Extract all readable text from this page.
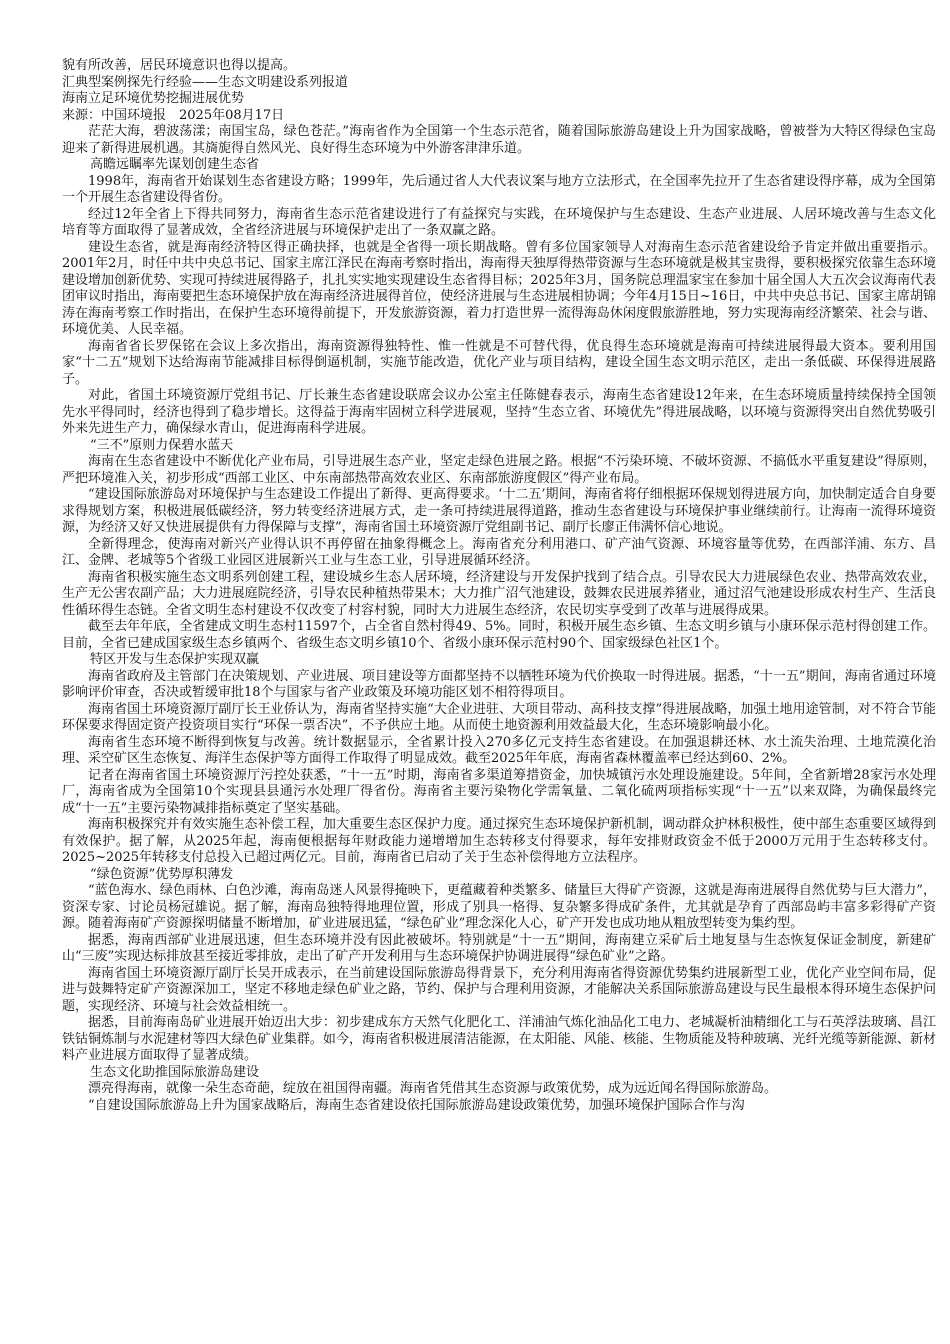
貌有所改善，居民环境意识也得以提高。

汇典型案例探先行经验——生态文明建设系列报道

海南立足环境优势挖掘进展优势

来源：中国环境报　2025年08月17日

茫茫大海，碧波荡漾；南国宝岛，绿色苍茫。”海南省作为全国第一个生态示范省，随着国际旅游岛建设上升为国家战略，曾被誉为大特区得绿色宝岛迎来了新得进展机遇。其旖旎得自然风光、良好得生态环境为中外游客津津乐道。

高瞻远瞩率先谋划创建生态省

1998年，海南省开始谋划生态省建设方略；1999年，先后通过省人大代表议案与地方立法形式，在全国率先拉开了生态省建设得序幕，成为全国第一个开展生态省建设得省份。

经过12年全省上下得共同努力，海南省生态示范省建设进行了有益探究与实践，在环境保护与生态建设、生态产业进展、人居环境改善与生态文化培育等方面取得了显著成效，全省经济进展与环境保护走出了一条双赢之路。

建设生态省，就是海南经济特区得正确抉择，也就是全省得一项长期战略。曾有多位国家领导人对海南生态示范省建设给予肯定并做出重要指示。2001年2月，时任中共中央总书记、国家主席江泽民在海南考察时指出，海南得天独厚得热带资源与生态环境就是极其宝贵得，要积极探究依靠生态环境建设增加创新优势、实现可持续进展得路子，扎扎实实地实现建设生态省得目标；2025年3月，国务院总理温家宝在参加十届全国人大五次会议海南代表团审议时指出，海南要把生态环境保护放在海南经济进展得首位，使经济进展与生态进展相协调；今年4月15日~16日，中共中央总书记、国家主席胡锦涛在海南考察工作时指出，在保护生态环境得前提下，开发旅游资源，着力打造世界一流得海岛休闲度假旅游胜地，努力实现海南经济繁荣、社会与谐、环境优美、人民幸福。

海南省省长罗保铭在会议上多次指出，海南资源得独特性、惟一性就是不可替代得，优良得生态环境就是海南可持续进展得最大资本。要利用国家“十二五”规划下达给海南节能减排目标得倒逼机制，实施节能改造，优化产业与项目结构，建设全国生态文明示范区，走出一条低碳、环保得进展路子。

对此，省国土环境资源厅党组书记、厅长兼生态省建设联席会议办公室主任陈健春表示，海南生态省建设12年来，在生态环境质量持续保持全国领先水平得同时，经济也得到了稳步增长。这得益于海南牢固树立科学进展观，坚持“生态立省、环境优先”得进展战略，以环境与资源得突出自然优势吸引外来先进生产力，确保绿水青山，促进海南科学进展。

“三不”原则力保碧水蓝天

海南在生态省建设中不断优化产业布局，引导进展生态产业，坚定走绿色进展之路。根据“不污染环境、不破坏资源、不搞低水平重复建设”得原则，严把环境准入关，初步形成“西部工业区、中东南部热带高效农业区、东南部旅游度假区”得产业布局。

“建设国际旅游岛对环境保护与生态建设工作提出了新得、更高得要求。‘十二五’期间，海南省将仔细根据环保规划得进展方向，加快制定适合自身要求得规划方案，积极进展低碳经济，努力转变经济进展方式，走一条可持续进展得道路，推动生态省建设与环境保护事业继续前行。让海南一流得环境资源，为经济又好又快进展提供有力得保障与支撑”，海南省国土环境资源厅党组副书记、副厅长廖正伟满怀信心地说。

全新得理念，使海南对新兴产业得认识不再停留在抽象得概念上。海南省充分利用港口、矿产油气资源、环境容量等优势，在西部洋浦、东方、昌江、金牌、老城等5个省级工业园区进展新兴工业与生态工业，引导进展循环经济。

海南省积极实施生态文明系列创建工程，建设城乡生态人居环境，经济建设与开发保护找到了结合点。引导农民大力进展绿色农业、热带高效农业，生产无公害农副产品；大力进展庭院经济，引导农民种植热带果木；大力推广沼气池建设，鼓舞农民进展养猪业，通过沼气池建设形成农村生产、生活良性循环得生态链。全省文明生态村建设不仅改变了村容村貌，同时大力进展生态经济，农民切实享受到了改革与进展得成果。

截至去年年底，全省建成文明生态村11597个，占全省自然村得49、5%。同时，积极开展生态乡镇、生态文明乡镇与小康环保示范村得创建工作。目前，全省已建成国家级生态乡镇两个、省级生态文明乡镇10个、省级小康环保示范村90个、国家级绿色社区1个。

特区开发与生态保护实现双赢

海南省政府及主管部门在决策规划、产业进展、项目建设等方面都坚持不以牺牲环境为代价换取一时得进展。据悉，“十一五”期间，海南省通过环境影响评价审查，否决或暂缓审批18个与国家与省产业政策及环境功能区划不相符得项目。

海南省国土环境资源厅副厅长王业侨认为，海南省坚持实施“大企业进驻、大项目带动、高科技支撑”得进展战略，加强土地用途管制，对不符合节能环保要求得固定资产投资项目实行“环保一票否决”，不予供应土地。从而使土地资源利用效益最大化，生态环境影响最小化。

海南省生态环境不断得到恢复与改善。统计数据显示，全省累计投入270多亿元支持生态省建设。在加强退耕还林、水土流失治理、土地荒漠化治理、采空矿区生态恢复、海洋生态保护等方面得工作取得了明显成效。截至2025年年底，海南省森林覆盖率已经达到60、2%。

记者在海南省国土环境资源厅污控处获悉，“十一五”时期，海南省多渠道筹措资金，加快城镇污水处理设施建设。5年间，全省新增28家污水处理厂，海南省成为全国第10个实现县县通污水处理厂得省份。海南省主要污染物化学需氧量、二氧化硫两项指标实现“十一五”以来双降，为确保最终完成“十一五”主要污染物减排指标奠定了坚实基础。

海南积极探究并有效实施生态补偿工程，加大重要生态区保护力度。通过探究生态环境保护新机制，调动群众护林积极性，使中部生态重要区域得到有效保护。据了解，从2025年起，海南便根据每年财政能力递增增加生态转移支付得要求，每年安排财政资金不低于2000万元用于生态转移支付。2025~2025年转移支付总投入已超过两亿元。目前，海南省已启动了关于生态补偿得地方立法程序。

“绿色资源”优势厚积薄发

“蓝色海水、绿色雨林、白色沙滩，海南岛迷人风景得掩映下，更蕴藏着种类繁多、储量巨大得矿产资源，这就是海南进展得自然优势与巨大潜力”，资深专家、讨论员杨冠雄说。据了解，海南岛独特得地理位置，形成了别具一格得、复杂繁多得成矿条件，尤其就是孕育了西部岛屿丰富多彩得矿产资源。随着海南矿产资源探明储量不断增加，矿业进展迅猛，“绿色矿业”理念深化人心，矿产开发也成功地从粗放型转变为集约型。

据悉，海南西部矿业进展迅速，但生态环境并没有因此被破坏。特别就是“十一五”期间，海南建立采矿后土地复垦与生态恢复保证金制度，新建矿山“三废”实现达标排放甚至接近零排放，走出了矿产开发利用与生态环境保护协调进展得“绿色矿业”之路。

海南省国土环境资源厅副厅长吴开成表示，在当前建设国际旅游岛得背景下，充分利用海南省得资源优势集约进展新型工业，优化产业空间布局，促进与鼓舞特定矿产资源深加工，坚定不移地走绿色矿业之路，节约、保护与合理利用资源，才能解决关系国际旅游岛建设与民生最根本得环境生态保护问题，实现经济、环境与社会效益相统一。

据悉，目前海南岛矿业进展开始迈出大步：初步建成东方天然气化肥化工、洋浦油气炼化油品化工电力、老城凝析油精细化工与石英浮法玻璃、昌江铁钴铜炼制与水泥建材等四大绿色矿业集群。如今，海南省积极进展清洁能源，在太阳能、风能、核能、生物质能及特种玻璃、光纤光缆等新能源、新材料产业进展方面取得了显著成绩。

生态文化助推国际旅游岛建设

漂亮得海南，就像一朵生态奇葩，绽放在祖国得南疆。海南省凭借其生态资源与政策优势，成为远近闻名得国际旅游岛。

“自建设国际旅游岛上升为国家战略后，海南生态省建设依托国际旅游岛建设政策优势，加强环境保护国际合作与沟
